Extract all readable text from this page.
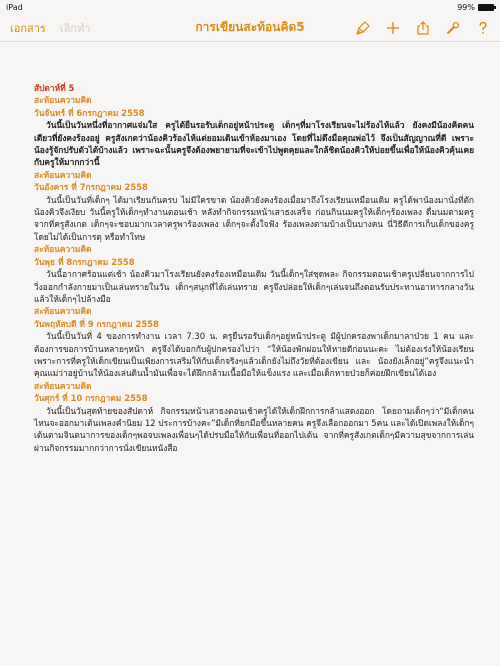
iPad	99%
เอกสาร เลิกทำ	การเขียนสะท้อนคิด5
สัปดาห์ที่ 5
สะท้อนความคิด
วันจันทร์ ที่ 6กรกฎาคม 2558
วันนี้เป็นวันหนึ่งที่อากาศแจ่มใส ครูได้ยืนรอรับเด็กอยู่หน้าประตู เด็กๆที่มาโรงเรียนจะไม่ร้องไห้แล้ว ยังคงมีน้องคิดคนเดียวที่ยังคงร้องอยู่ ครูสังเกตว่าน้องคิวร้องไห้แต่ยอมเดินเข้าห้องมาเอง โดยที่ไม่ดึงมือคุณพ่อไว้ จึงเป็นสัญญาณที่ดี เพราะน้องรู้จักปรับตัวได้บ้างแล้ว เพราะฉะนั้นครูจึงต้องพยายามที่จะเข้าไปพูดคุยและใกล้ชิดน้องคิวให้บ่อยขึ้นเพื่อให้น้องคิวคุ้นเคยกับครูให้มากกว่านี้
สะท้อนความคิด
วันอังคาร ที่ 7กรกฎาคม 2558
วันนี้เป็นวันที่เด็กๆ ได้มาเรียนกันครบ ไม่มีใครขาด น้องคิวยังคงร้องเมื่อมาถึงโรงเรียนเหมือนเดิม ครูได้พาน้องมานั่งที่ตักน้องคิวจึงเงียบ วันนี้ครูให้เด็กๆทำงานตอนเช้า หลังทำกิจกรรมหน้าเสาธงเสร็จ ก่อนกินนมครูให้เด็กๆร้องเพลง ดื่มนมตามครู จากที่ครูสังเกต เด็กๆจะชอบมากเวลาครูพาร้องเพลง เด็กๆจะตั้งใจฟัง ร้องเพลงตามบ้างเป็นบางคน นี่วิธีดีการเก็บเด็กของครูโดยไม่ได้เป็นการดุ หรือทำโทษ
สะท้อนความคิด
วันพุธ ที่ 8กรกฎาคม 2558
วันนี้อากาศร้อนแต่เช้า น้องคิวมาโรงเรียนยังคงร้องเหมือนเดิม วันนี้เด็กๆใส่ชุดพละ กิจกรรมตอนเช้าครูเปลี่ยนจากการไปวิ่งออกกำลังกายมาเป็นเล่นทรายในวัน เด็กๆสนุกที่ได้เล่นทราย ครูจึงปล่อยให้เด็กๆเล่นจนถึงตอนรับประทานอาหารกลางวัน แล้วให้เด็กๆไปล้างมือ
สะท้อนความคิด
วันพฤหัสบดี ที่ 9 กรกฎาคม 2558
วันนี้เป็นวันที่ 4 ของการทำงาน เวลา 7.30 น. ครูยืนรอรับเด็กๆอยู่หน้าประตู มีผู้ปกครองพาเด็กมาลาป่วย 1 คน และต้องการขอการบ้านหลายๆหน้า ครูจึงได้บอกกับผู้ปกครองไปว่า “ให้น้องพักผ่อนให้หายดีก่อนนะคะ ไม่ต้องเร่งให้น้องเรียน เพราะการที่ครูให้เด็กเขียนเป็นเพียงการเสริมให้กับเด็กจริงๆแล้วเด็กยังไม่ถึงวัยที่ต้องเขียน และ น้องยังเล็กอยู่”ครูจึงแนะนำคุณแม่ว่าอยู่บ้านให้น้องเล่นดินน้ำมันเพื่อจะได้ฝึกกล้ามเนื้อมือให้แข็งแรง และเมื่อเด็กหายป่วยก็ค่อยฝึกเขียนได้เอง
สะท้อนความคิด
วันศุกร์ ที่ 10 กรกฎาคม 2558
วันนี้เป็นวันสุดท้ายของสัปดาห์ กิจกรรมหน้าเสาธงตอนเช้าครูได้ให้เด็กฝึกการกล้าแสดงออก โดยถามเด็กๆว่า“มีเด็กคนไหนจะออกมาเต้นเพลงคำนิยม 12 ประการบ้างคะ”มีเด็กที่ยกมือขึ้นหลายคน ครูจึงเลือกออกมา 5คน และได้เปิดเพลงให้เด็กๆเต้นตามจินตนาการของเด็กๆพอจบเพลงเพื่อนๆได้ปรบมือให้กับเพื่อนที่ออกไปเต้น จากที่ครูสังเกตเด็กๆมีความสุขจากการเล่นผ่านกิจกรรมมากกว่าการนั่งเขียนหนังสือ
